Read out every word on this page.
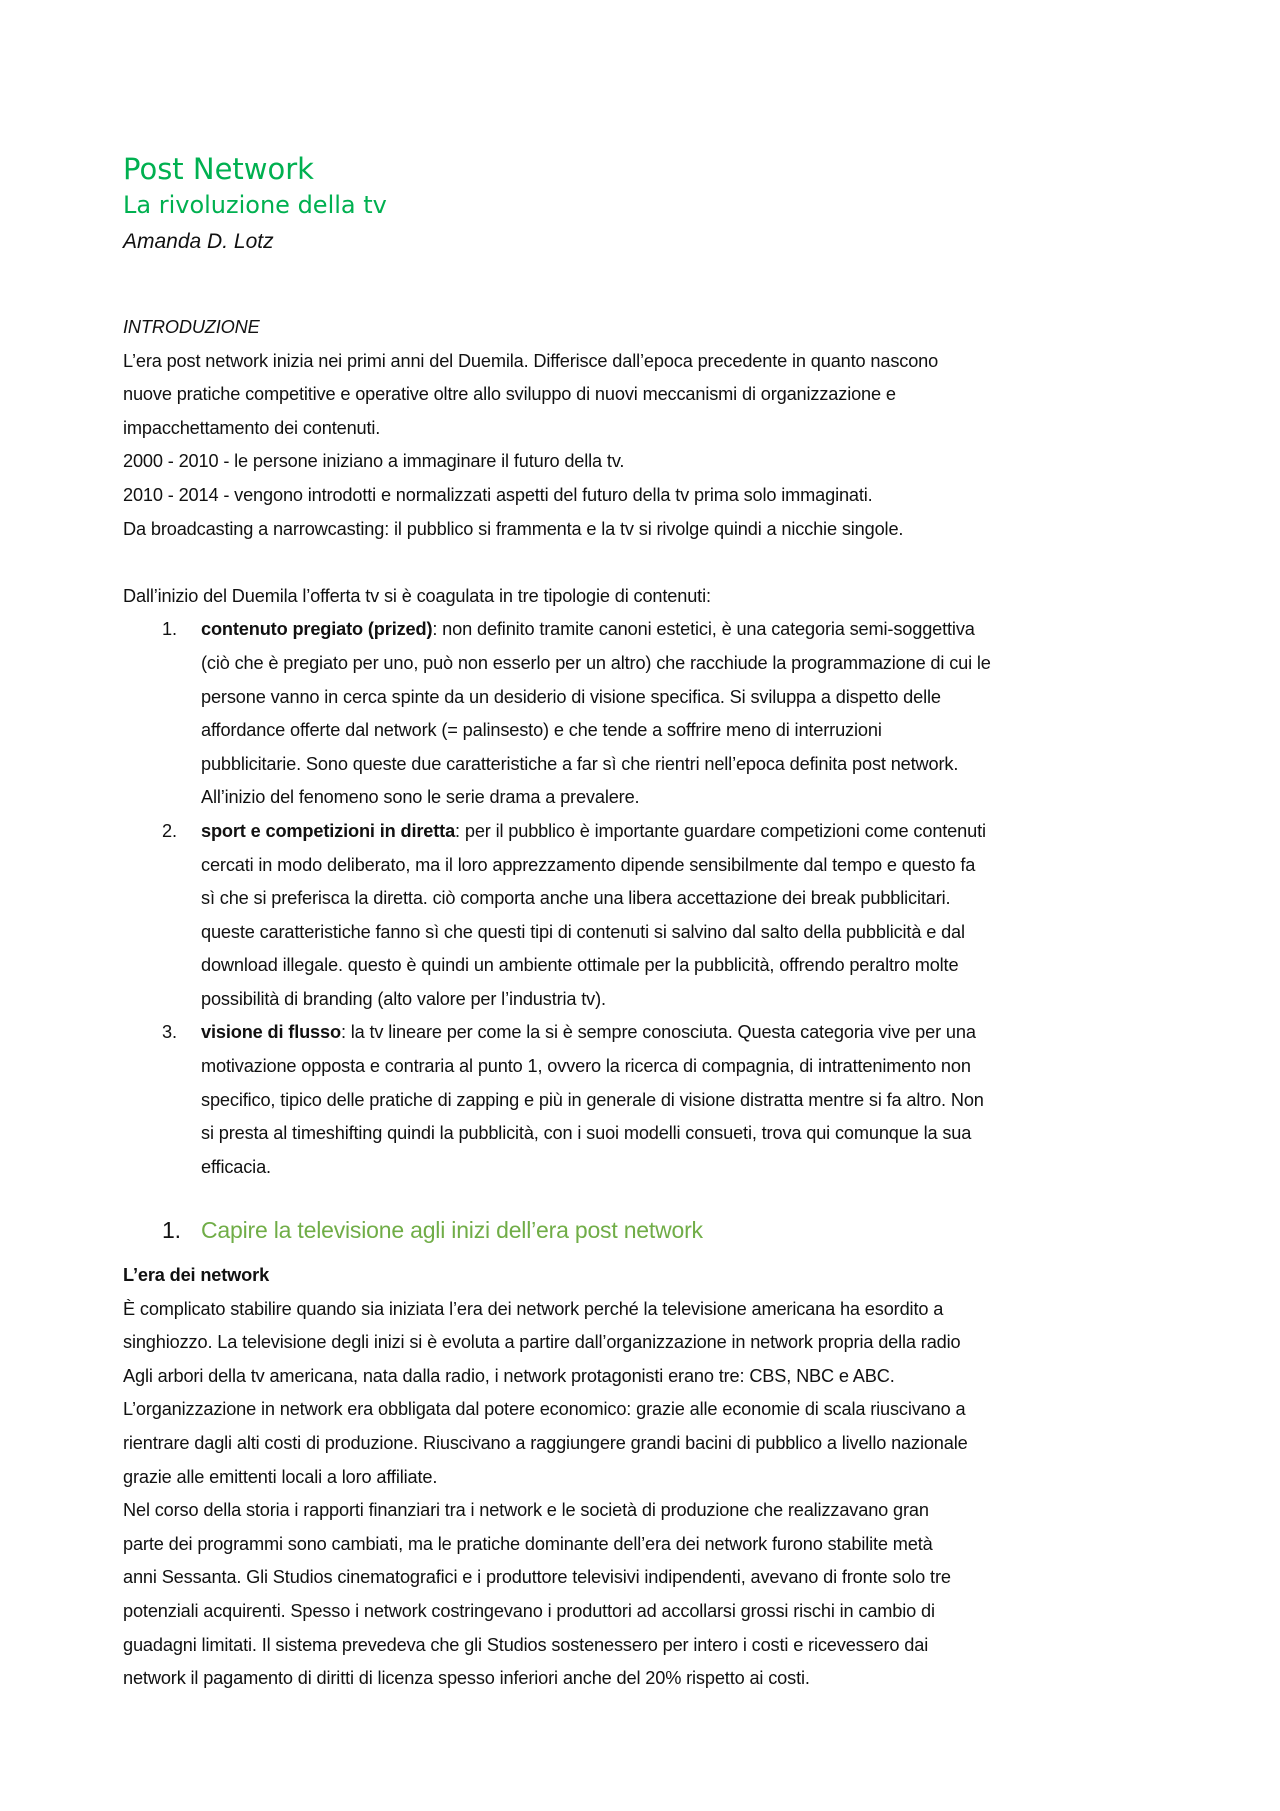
Post Network
La rivoluzione della tv
Amanda D. Lotz
INTRODUZIONE
L’era post network inizia nei primi anni del Duemila. Differisce dall’epoca precedente in quanto nascono
nuove pratiche competitive e operative oltre allo sviluppo di nuovi meccanismi di organizzazione e
impacchettamento dei contenuti.
2000 - 2010 - le persone iniziano a immaginare il futuro della tv.
2010 - 2014 - vengono introdotti e normalizzati aspetti del futuro della tv prima solo immaginati.
Da broadcasting a narrowcasting: il pubblico si frammenta e la tv si rivolge quindi a nicchie singole.
Dall’inizio del Duemila l’offerta tv si è coagulata in tre tipologie di contenuti:
1. contenuto pregiato (prized): non definito tramite canoni estetici, è una categoria semi-soggettiva
(ciò che è pregiato per uno, può non esserlo per un altro) che racchiude la programmazione di cui le
persone vanno in cerca spinte da un desiderio di visione specifica. Si sviluppa a dispetto delle
affordance offerte dal network (= palinsesto) e che tende a soffrire meno di interruzioni
pubblicitarie. Sono queste due caratteristiche a far sì che rientri nell’epoca definita post network.
All’inizio del fenomeno sono le serie drama a prevalere.
2. sport e competizioni in diretta: per il pubblico è importante guardare competizioni come contenuti
cercati in modo deliberato, ma il loro apprezzamento dipende sensibilmente dal tempo e questo fa
sì che si preferisca la diretta. ciò comporta anche una libera accettazione dei break pubblicitari.
queste caratteristiche fanno sì che questi tipi di contenuti si salvino dal salto della pubblicità e dal
download illegale. questo è quindi un ambiente ottimale per la pubblicità, offrendo peraltro molte
possibilità di branding (alto valore per l’industria tv).
3. visione di flusso: la tv lineare per come la si è sempre conosciuta. Questa categoria vive per una
motivazione opposta e contraria al punto 1, ovvero la ricerca di compagnia, di intrattenimento non
specifico, tipico delle pratiche di zapping e più in generale di visione distratta mentre si fa altro. Non
si presta al timeshifting quindi la pubblicità, con i suoi modelli consueti, trova qui comunque la sua
efficacia.
1. Capire la televisione agli inizi dell’era post network
L’era dei network
È complicato stabilire quando sia iniziata l’era dei network perché la televisione americana ha esordito a
singhiozzo. La televisione degli inizi si è evoluta a partire dall’organizzazione in network propria della radio
Agli arbori della tv americana, nata dalla radio, i network protagonisti erano tre: CBS, NBC e ABC.
L’organizzazione in network era obbligata dal potere economico: grazie alle economie di scala riuscivano a
rientrare dagli alti costi di produzione. Riuscivano a raggiungere grandi bacini di pubblico a livello nazionale
grazie alle emittenti locali a loro affiliate.
Nel corso della storia i rapporti finanziari tra i network e le società di produzione che realizzavano gran
parte dei programmi sono cambiati, ma le pratiche dominante dell’era dei network furono stabilite metà
anni Sessanta. Gli Studios cinematografici e i produttore televisivi indipendenti, avevano di fronte solo tre
potenziali acquirenti. Spesso i network costringevano i produttori ad accollarsi grossi rischi in cambio di
guadagni limitati. Il sistema prevedeva che gli Studios sostenessero per intero i costi e ricevessero dai
network il pagamento di diritti di licenza spesso inferiori anche del 20% rispetto ai costi.
